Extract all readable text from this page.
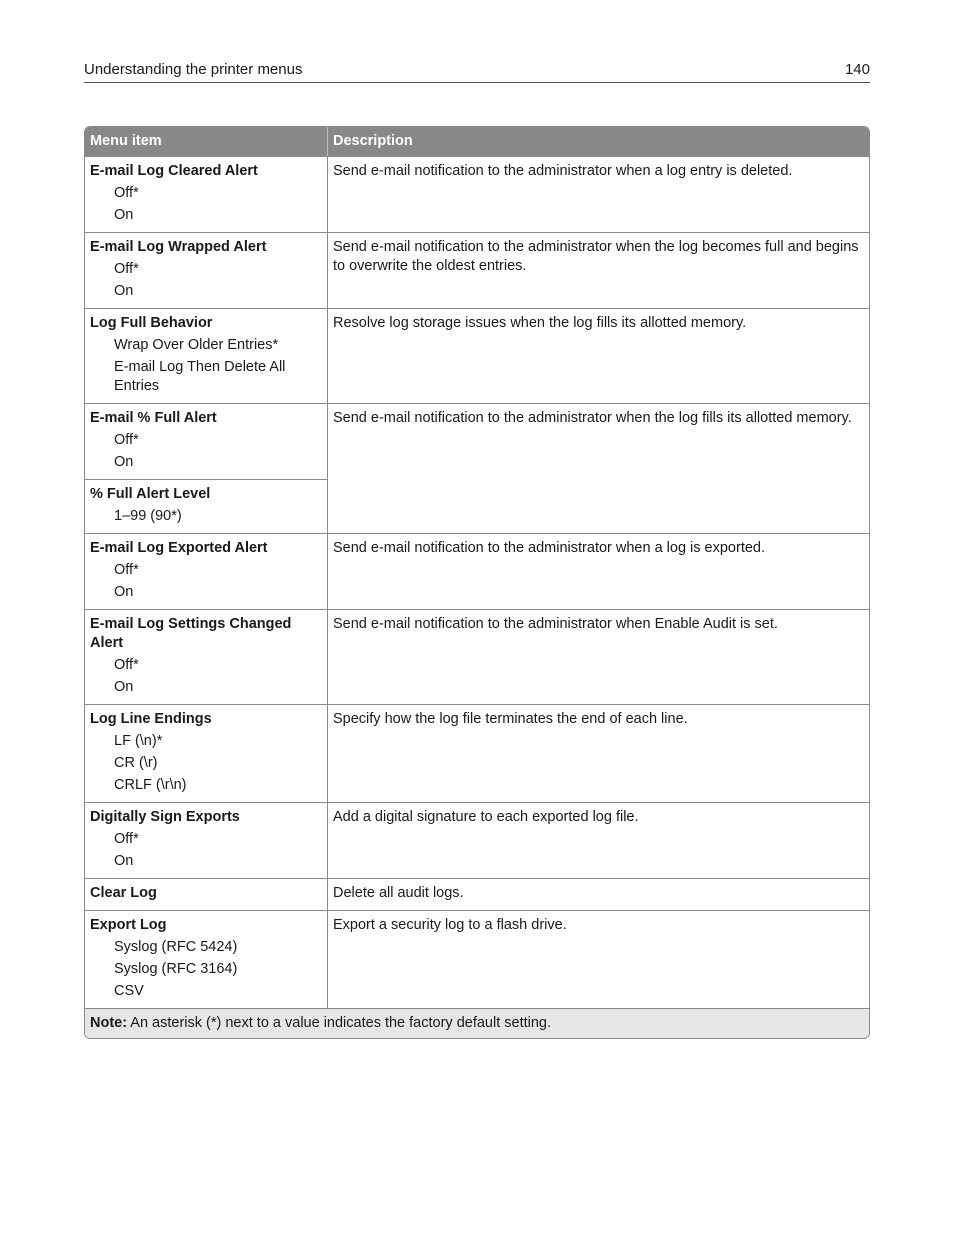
Understanding the printer menus	140
Menu item	Description

E-mail Log Cleared Alert
Off*
On	Send e-mail notification to the administrator when a log entry is deleted.

E-mail Log Wrapped Alert
Off*
On	Send e-mail notification to the administrator when the log becomes full and begins to overwrite the oldest entries.

Log Full Behavior
Wrap Over Older Entries*
E-mail Log Then Delete All Entries	Resolve log storage issues when the log fills its allotted memory.

E-mail % Full Alert
Off*
On	Send e-mail notification to the administrator when the log fills its allotted memory.

% Full Alert Level
1–99 (90*)	

E-mail Log Exported Alert
Off*
On	Send e-mail notification to the administrator when a log is exported.

E-mail Log Settings Changed Alert
Off*
On	Send e-mail notification to the administrator when Enable Audit is set.

Log Line Endings
LF (\n)*
CR (\r)
CRLF (\r\n)	Specify how the log file terminates the end of each line.

Digitally Sign Exports
Off*
On	Add a digital signature to each exported log file.

Clear Log	Delete all audit logs.

Export Log
Syslog (RFC 5424)
Syslog (RFC 3164)
CSV	Export a security log to a flash drive.
Note: An asterisk (*) next to a value indicates the factory default setting.	
